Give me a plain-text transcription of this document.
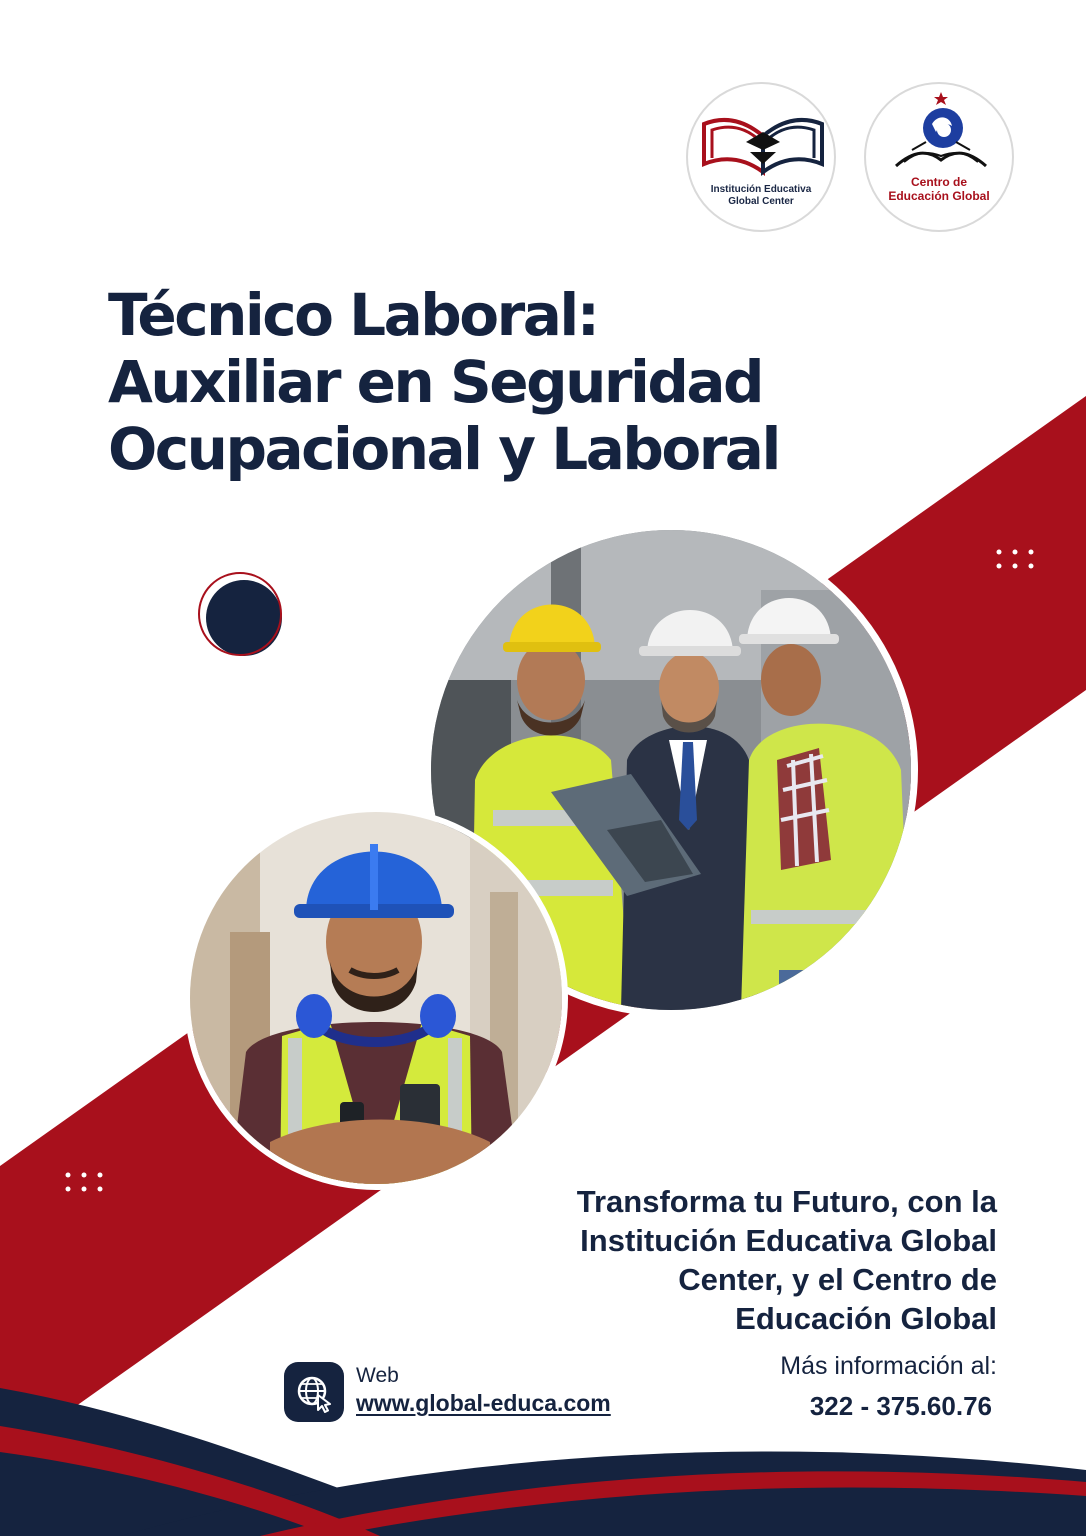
Institución Educativa
Global Center
Centro de
Educación Global
Técnico Laboral:
Auxiliar en Seguridad
Ocupacional y Laboral
Transforma tu Futuro, con la
Institución Educativa Global
Center, y el Centro de
Educación Global
Web
www.global-educa.com
Más información al:
322 - 375.60.76
